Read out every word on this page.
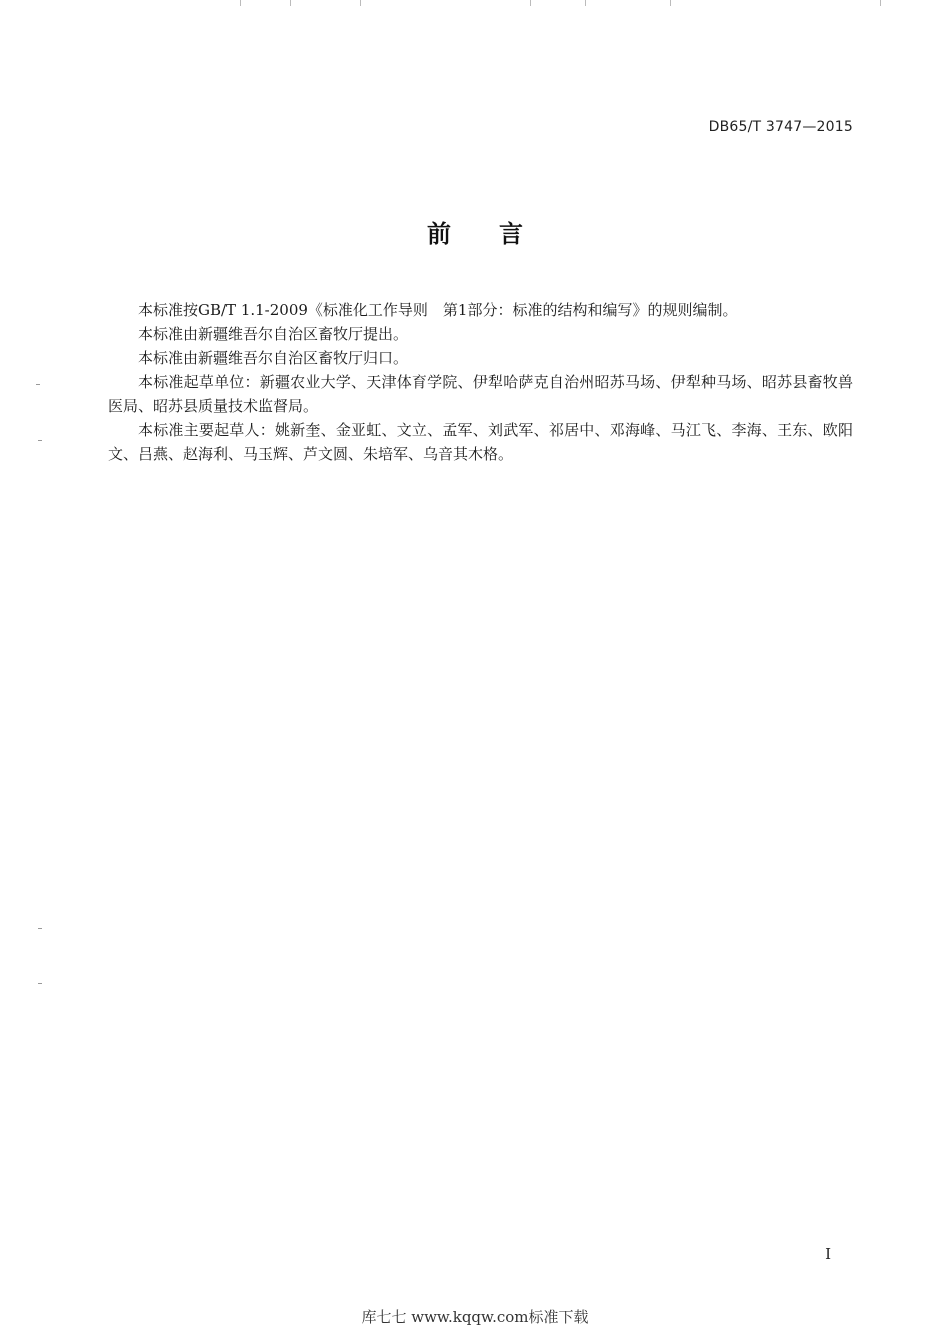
DB65/T 3747—2015
前言

本标准按GB/T 1.1-2009《标准化工作导则　第1部分：标准的结构和编写》的规则编制。

本标准由新疆维吾尔自治区畜牧厅提出。

本标准由新疆维吾尔自治区畜牧厅归口。

本标准起草单位：新疆农业大学、天津体育学院、伊犁哈萨克自治州昭苏马场、伊犁种马场、昭苏县畜牧兽医局、昭苏县质量技术监督局。

本标准主要起草人：姚新奎、金亚虹、文立、孟军、刘武军、祁居中、邓海峰、马江飞、李海、王东、欧阳文、吕燕、赵海利、马玉辉、芦文圆、朱培军、乌音其木格。

I
库七七 www.kqqw.com标准下载
